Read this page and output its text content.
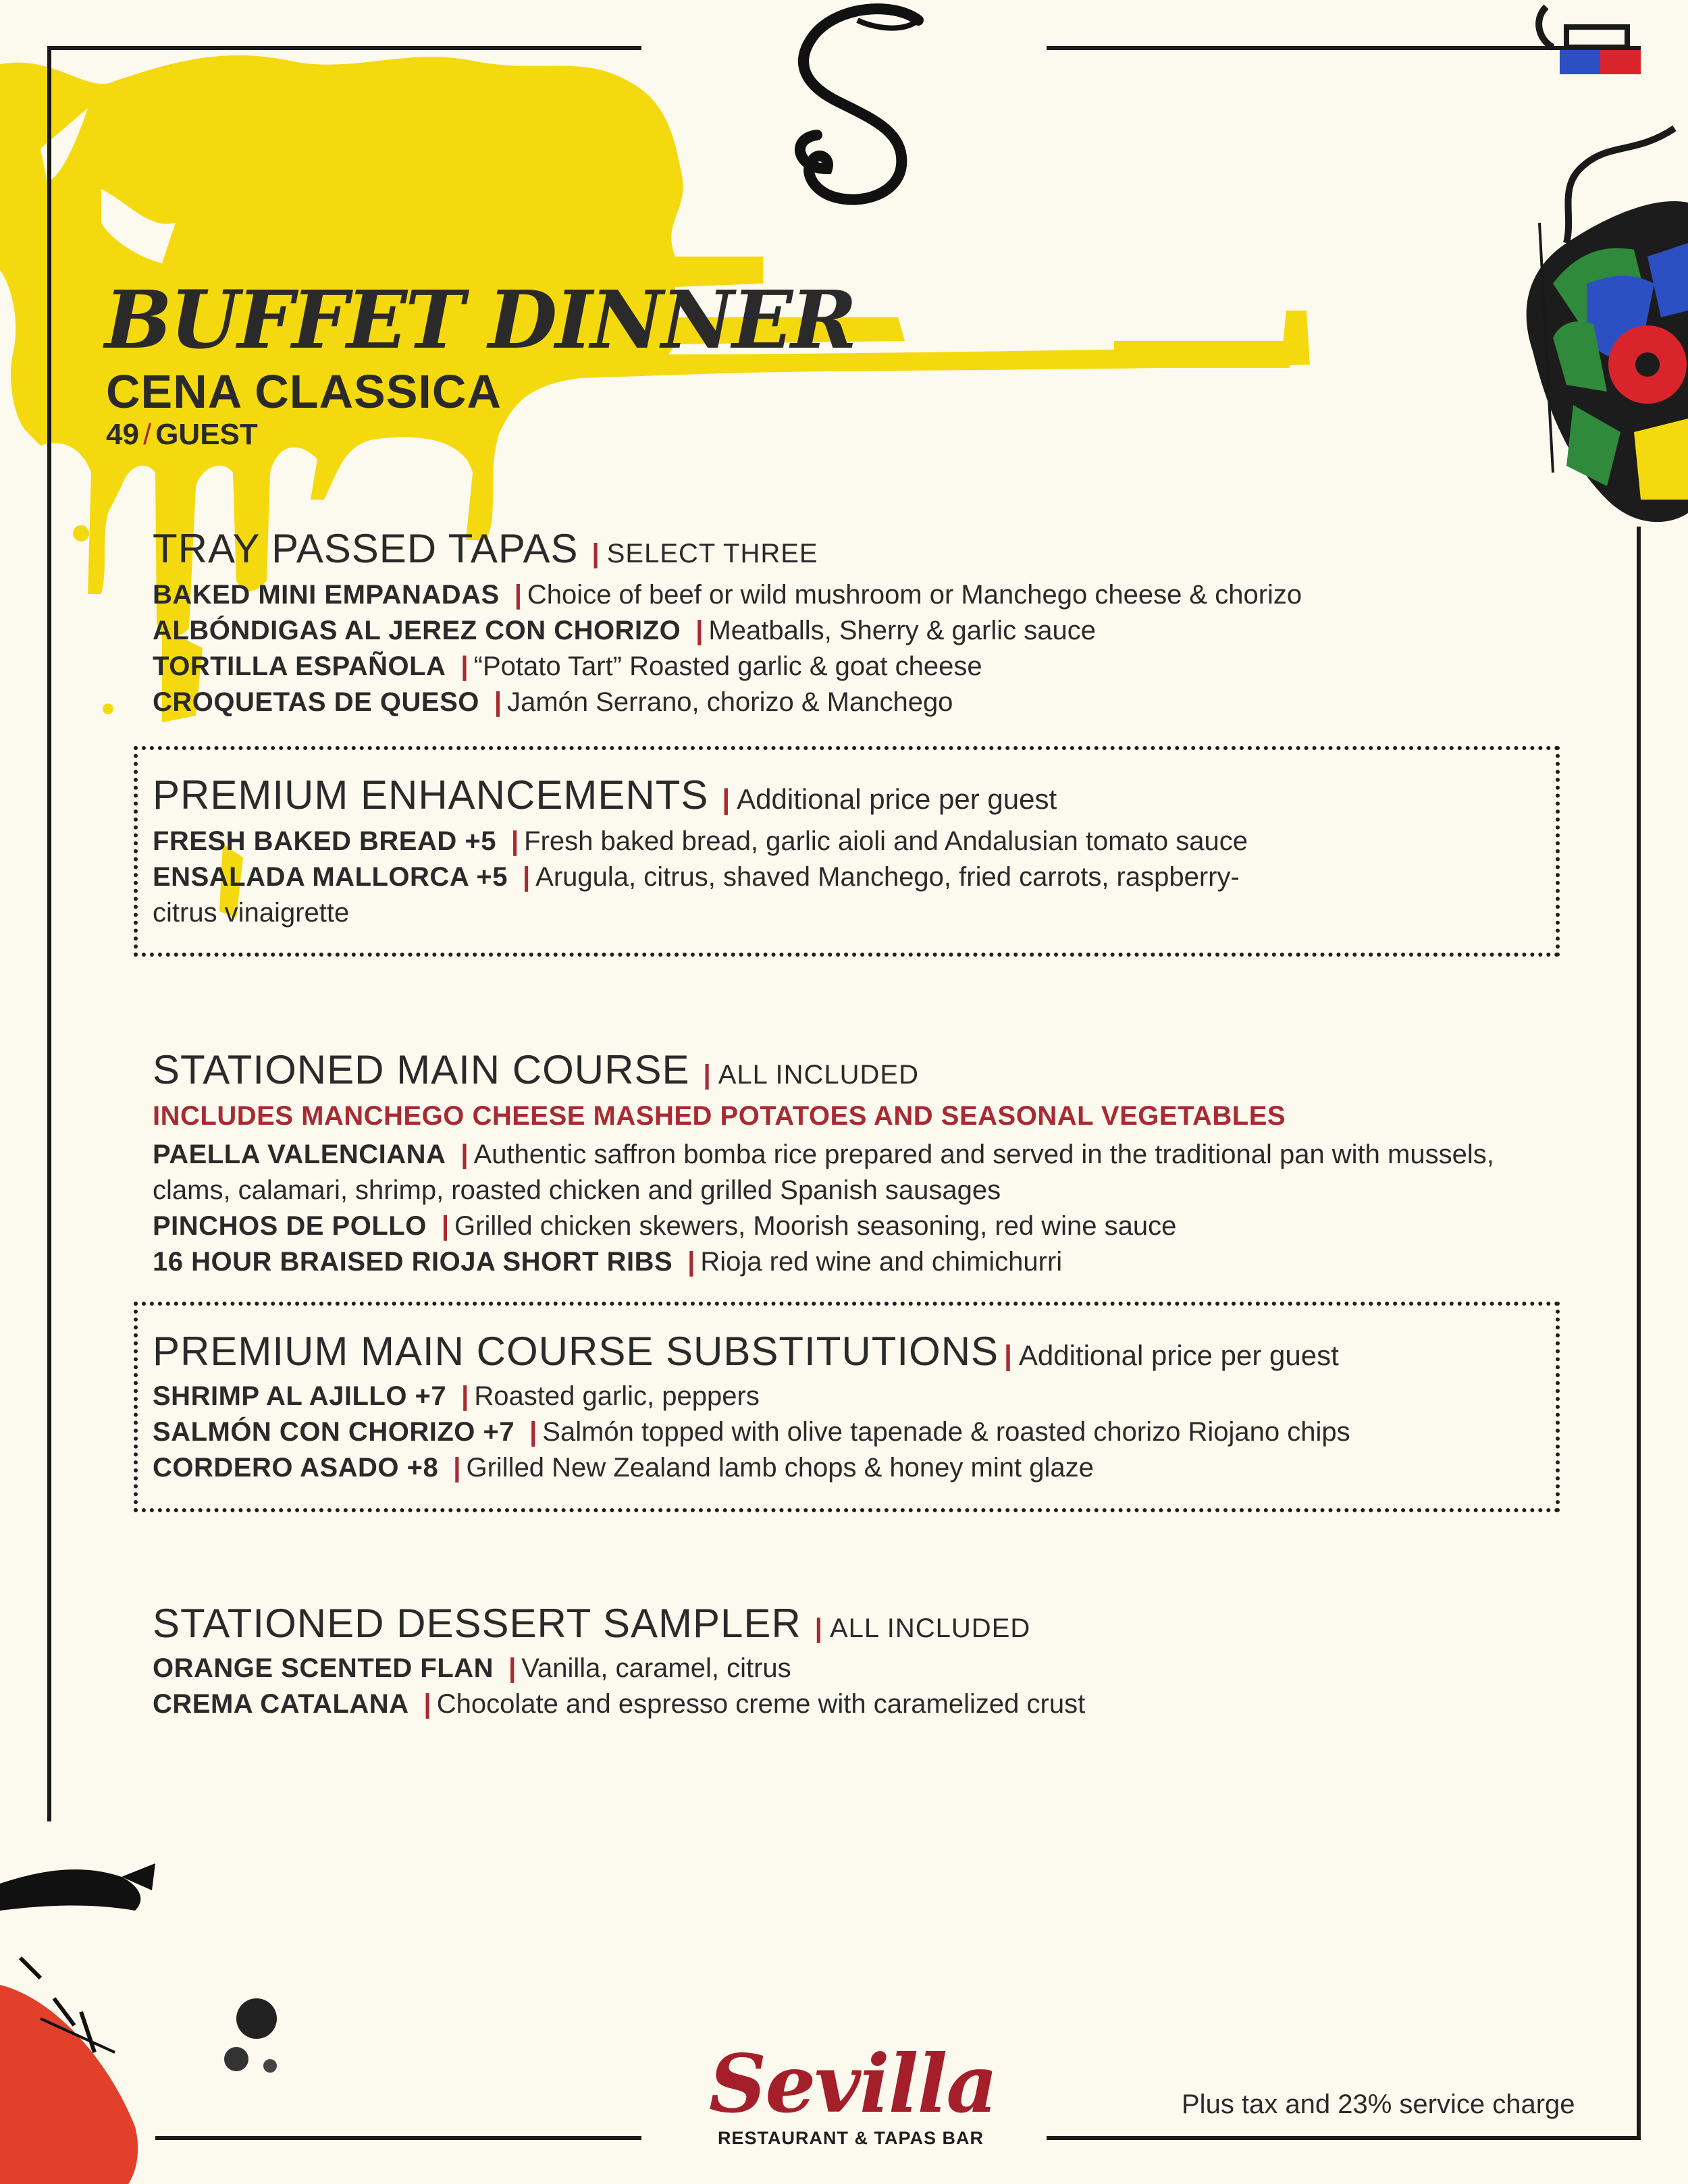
BUFFET DINNER
CENA CLASSICA

49 / GUEST

TRAY PASSED TAPAS | SELECT THREE
BAKED MINI EMPANADAS | Choice of beef or wild mushroom or Manchego cheese & chorizo
ALBÓNDIGAS AL JEREZ CON CHORIZO | Meatballs, Sherry & garlic sauce
TORTILLA ESPAÑOLA | “Potato Tart” Roasted garlic & goat cheese
CROQUETAS DE QUESO | Jamón Serrano, chorizo & Manchego
PREMIUM ENHANCEMENTS | Additional price per guest
FRESH BAKED BREAD +5 | Fresh baked bread, garlic aioli and Andalusian tomato sauce
ENSALADA MALLORCA +5 | Arugula, citrus, shaved Manchego, fried carrots, raspberry-citrus vinaigrette
STATIONED MAIN COURSE | ALL INCLUDED
INCLUDES MANCHEGO CHEESE MASHED POTATOES AND SEASONAL VEGETABLES
PAELLA VALENCIANA | Authentic saffron bomba rice prepared and served in the traditional pan with mussels, clams, calamari, shrimp, roasted chicken and grilled Spanish sausages
PINCHOS DE POLLO | Grilled chicken skewers, Moorish seasoning, red wine sauce
16 HOUR BRAISED RIOJA SHORT RIBS | Rioja red wine and chimichurri
PREMIUM MAIN COURSE SUBSTITUTIONS | Additional price per guest
SHRIMP AL AJILLO +7 | Roasted garlic, peppers
SALMÓN CON CHORIZO +7 | Salmón topped with olive tapenade & roasted chorizo Riojano chips
CORDERO ASADO +8 | Grilled New Zealand lamb chops & honey mint glaze
STATIONED DESSERT SAMPLER | ALL INCLUDED
ORANGE SCENTED FLAN | Vanilla, caramel, citrus
CREMA CATALANA | Chocolate and espresso creme with caramelized crust
Sevilla
RESTAURANT & TAPAS BAR
Plus tax and 23% service charge
